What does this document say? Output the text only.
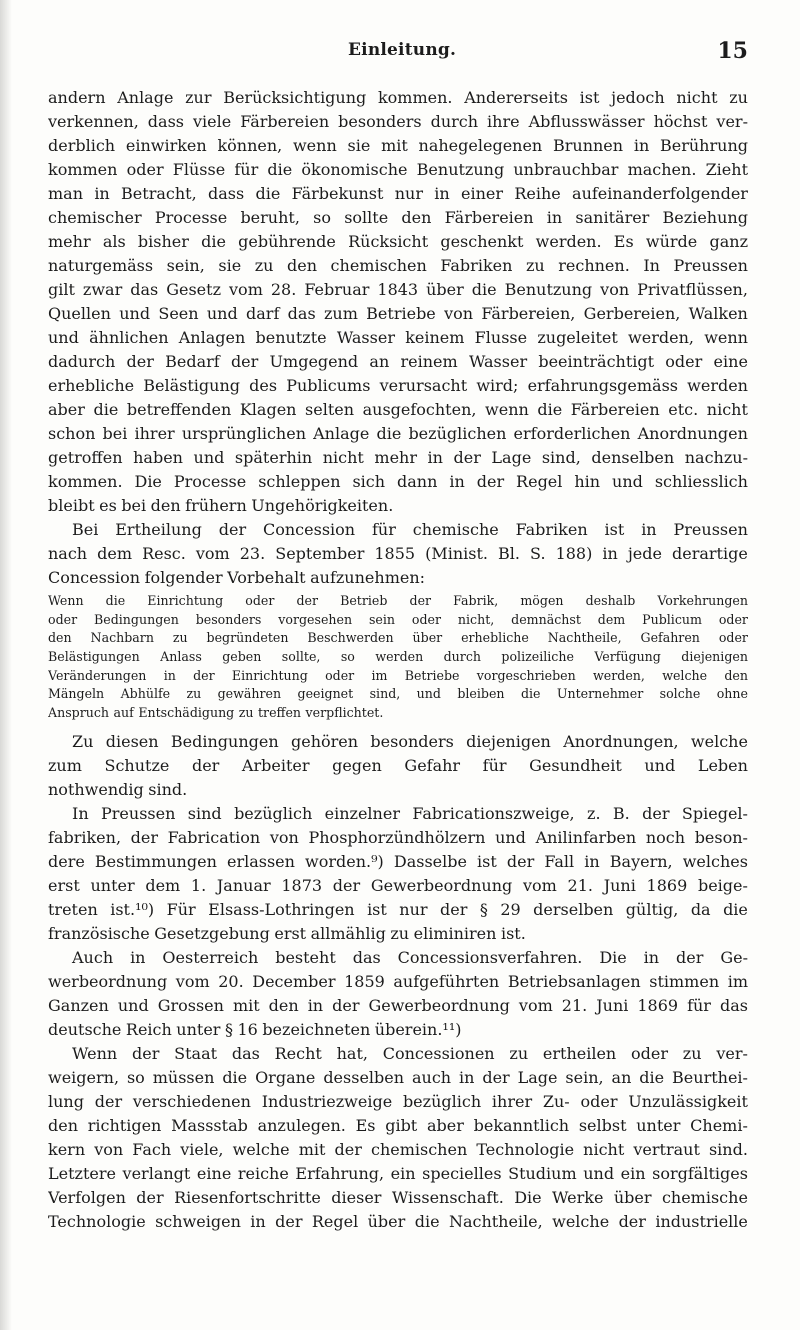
Einleitung.	15
andern Anlage zur Berücksichtigung kommen. Andererseits ist jedoch nicht zu
verkennen, dass viele Färbereien besonders durch ihre Abflusswässer höchst ver-
derblich einwirken können, wenn sie mit nahegelegenen Brunnen in Berührung
kommen oder Flüsse für die ökonomische Benutzung unbrauchbar machen. Zieht
man in Betracht, dass die Färbekunst nur in einer Reihe aufeinanderfolgender
chemischer Processe beruht, so sollte den Färbereien in sanitärer Beziehung
mehr als bisher die gebührende Rücksicht geschenkt werden. Es würde ganz
naturgemäss sein, sie zu den chemischen Fabriken zu rechnen. In Preussen
gilt zwar das Gesetz vom 28. Februar 1843 über die Benutzung von Privatflüssen,
Quellen und Seen und darf das zum Betriebe von Färbereien, Gerbereien, Walken
und ähnlichen Anlagen benutzte Wasser keinem Flusse zugeleitet werden, wenn
dadurch der Bedarf der Umgegend an reinem Wasser beeinträchtigt oder eine
erhebliche Belästigung des Publicums verursacht wird; erfahrungsgemäss werden
aber die betreffenden Klagen selten ausgefochten, wenn die Färbereien etc. nicht
schon bei ihrer ursprünglichen Anlage die bezüglichen erforderlichen Anordnungen
getroffen haben und späterhin nicht mehr in der Lage sind, denselben nachzu-
kommen. Die Processe schleppen sich dann in der Regel hin und schliesslich
bleibt es bei den frühern Ungehörigkeiten.
Bei Ertheilung der Concession für chemische Fabriken ist in Preussen
nach dem Resc. vom 23. September 1855 (Minist. Bl. S. 188) in jede derartige
Concession folgender Vorbehalt aufzunehmen:
Wenn die Einrichtung oder der Betrieb der Fabrik, mögen deshalb Vorkehrungen
oder Bedingungen besonders vorgesehen sein oder nicht, demnächst dem Publicum oder
den Nachbarn zu begründeten Beschwerden über erhebliche Nachtheile, Gefahren oder
Belästigungen Anlass geben sollte, so werden durch polizeiliche Verfügung diejenigen
Veränderungen in der Einrichtung oder im Betriebe vorgeschrieben werden, welche den
Mängeln Abhülfe zu gewähren geeignet sind, und bleiben die Unternehmer solche ohne
Anspruch auf Entschädigung zu treffen verpflichtet.
Zu diesen Bedingungen gehören besonders diejenigen Anordnungen, welche
zum Schutze der Arbeiter gegen Gefahr für Gesundheit und Leben
nothwendig sind.
In Preussen sind bezüglich einzelner Fabricationszweige, z. B. der Spiegel-
fabriken, der Fabrication von Phosphorzündhölzern und Anilinfarben noch beson-
dere Bestimmungen erlassen worden.⁹) Dasselbe ist der Fall in Bayern, welches
erst unter dem 1. Januar 1873 der Gewerbeordnung vom 21. Juni 1869 beige-
treten ist.¹⁰) Für Elsass-Lothringen ist nur der § 29 derselben gültig, da die
französische Gesetzgebung erst allmählig zu eliminiren ist.
Auch in Oesterreich besteht das Concessionsverfahren. Die in der Ge-
werbeordnung vom 20. December 1859 aufgeführten Betriebsanlagen stimmen im
Ganzen und Grossen mit den in der Gewerbeordnung vom 21. Juni 1869 für das
deutsche Reich unter § 16 bezeichneten überein.¹¹)
Wenn der Staat das Recht hat, Concessionen zu ertheilen oder zu ver-
weigern, so müssen die Organe desselben auch in der Lage sein, an die Beurthei-
lung der verschiedenen Industriezweige bezüglich ihrer Zu- oder Unzulässigkeit
den richtigen Massstab anzulegen. Es gibt aber bekanntlich selbst unter Chemi-
kern von Fach viele, welche mit der chemischen Technologie nicht vertraut sind.
Letztere verlangt eine reiche Erfahrung, ein specielles Studium und ein sorgfältiges
Verfolgen der Riesenfortschritte dieser Wissenschaft. Die Werke über chemische
Technologie schweigen in der Regel über die Nachtheile, welche der industrielle
